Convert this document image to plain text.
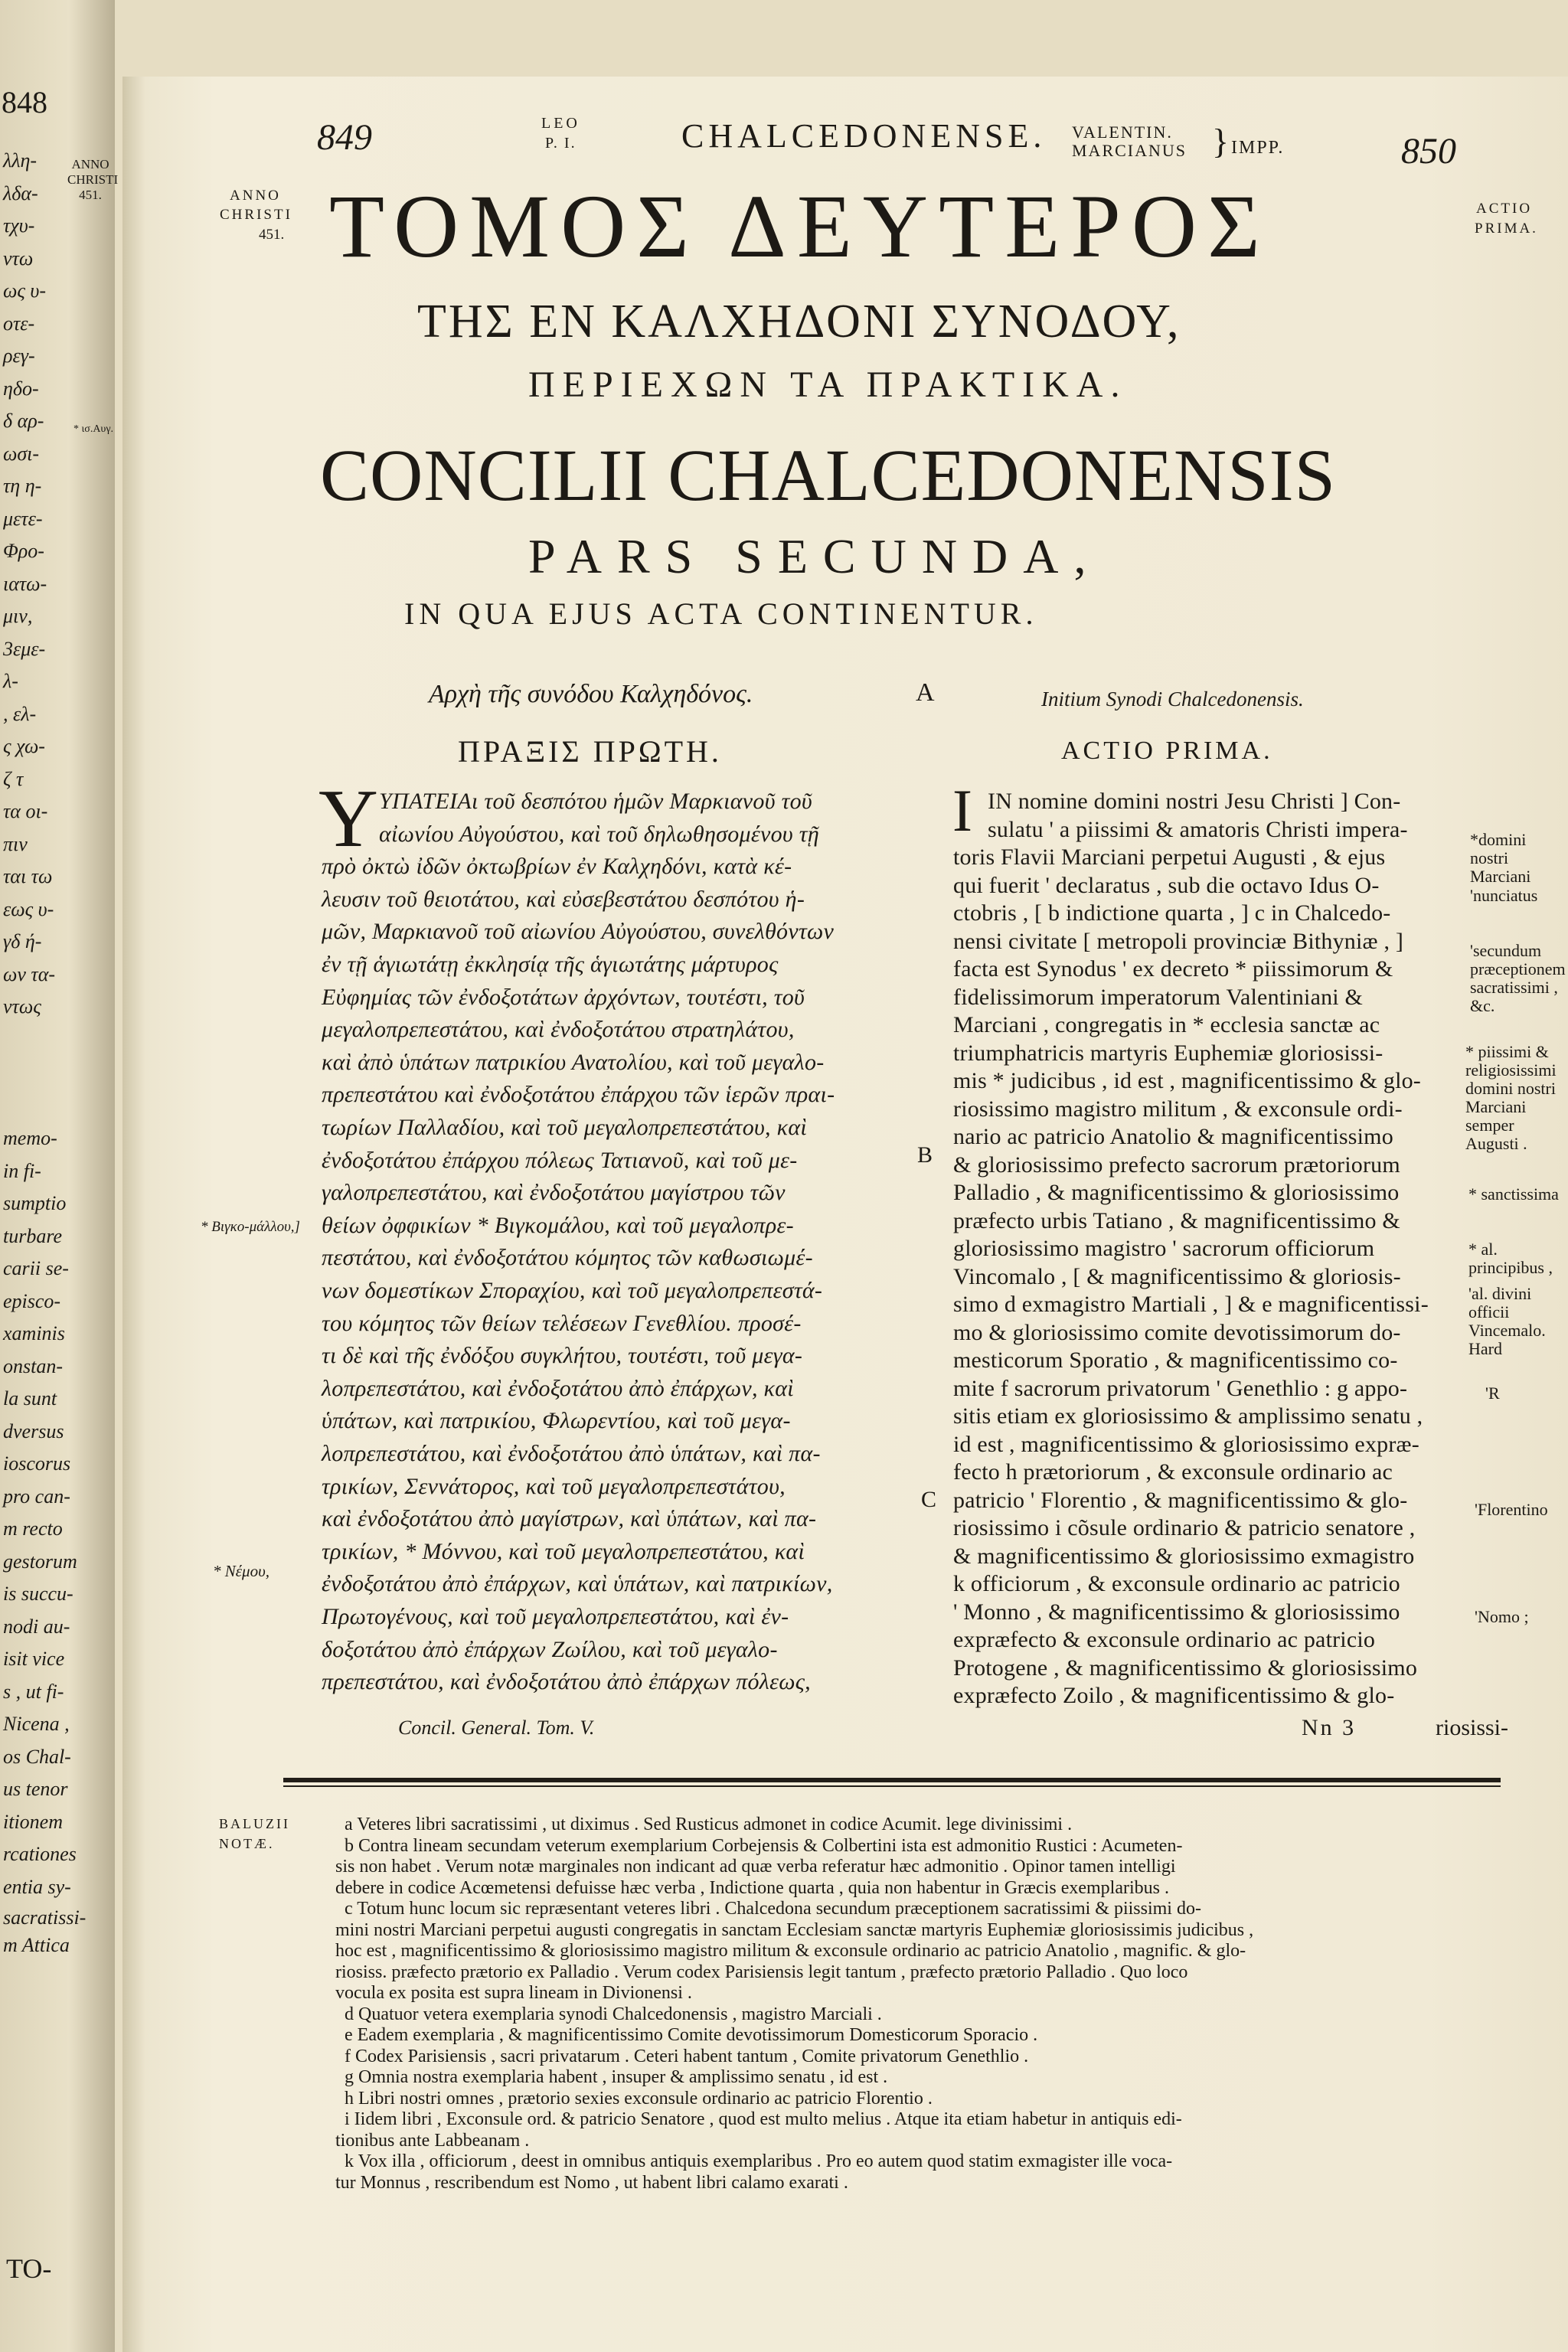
848
ANNO CHRISTI 451.
λλη-
λδα-
τχυ-
ντω
ως υ-
οτε-
ρεγ-
ηδο-
δ αρ-
ωσι-
τη η-
μετε-
Φρο-
ιατω-
μιν,
3εμε-
λ-
, ελ-
ς χω-
ζ τ
τα οι-
πιν
ται τω
εως υ-
γδ ή-
ων τα-
ντως
* ισ.Αυγ.
memo-
in fi-
sumptio
turbare
carii se-
episco-
xaminis
onstan-
la sunt
dversus
ioscorus
pro can-
m recto
gestorum
is succu-
nodi au-
isit vice
s , ut fi-
Nicena ,
os Chal-
us tenor
itionem
rcationes
entia sy-
sacratissi-
m Attica
TO-
849	LEO
P. I.	CHALCEDONENSE. VALENTIN.
MARCIANUS } IMPP.	850
ANNO
CHRISTI
451.
ACTIO
PRIMA.
ΤΟΜΟΣ ΔΕΥΤΕΡΟΣ
ΤΗΣ ΕΝ ΚΑΛΧΗΔΟΝΙ ΣΥΝΟΔΟΥ,
ΠΕΡΙΕΧΩΝ ΤΑ ΠΡΑΚΤΙΚΑ.
CONCILII CHALCEDONENSIS
PARS SECUNDA,
IN QUA EJUS ACTA CONTINENTUR.
Αρχὴ τῆς συνόδου Καλχηδόνος.	A	Initium Synodi Chalcedonensis.
ΠΡΑΞΙΣ ΠΡΩΤΗ.	ACTIO PRIMA.
Υ ΥΠΑΤΕΙΑι τοῦ δεσπότου ἡμῶν Μαρκιανοῦ τοῦ
αἰωνίου Αὐγούστου, καὶ τοῦ δηλωθησομένου τῇ
πρὸ ὀκτὼ ἰδῶν ὀκτωβρίων ἐν Καλχηδόνι, κατὰ κέ-
λευσιν τοῦ θειοτάτου, καὶ εὐσεβεστάτου δεσπότου ἡ-
μῶν, Μαρκιανοῦ τοῦ αἰωνίου Αὐγούστου, συνελθόντων
ἐν τῇ ἁγιωτάτῃ ἐκκλησίᾳ τῆς ἁγιωτάτης μάρτυρος
Εὐφημίας τῶν ἐνδοξοτάτων ἀρχόντων, τουτέστι, τοῦ
μεγαλοπρεπεστάτου, καὶ ἐνδοξοτάτου στρατηλάτου,
καὶ ἀπὸ ὑπάτων πατρικίου Ανατολίου, καὶ τοῦ μεγαλο-
πρεπεστάτου καὶ ἐνδοξοτάτου ἐπάρχου τῶν ἱερῶν πραι-
τωρίων Παλλαδίου, καὶ τοῦ μεγαλοπρεπεστάτου, καὶ
ἐνδοξοτάτου ἐπάρχου πόλεως Τατιανοῦ, καὶ τοῦ με-
γαλοπρεπεστάτου, καὶ ἐνδοξοτάτου μαγίστρου τῶν
θείων ὀφφικίων * Βιγκομάλου, καὶ τοῦ μεγαλοπρε-
πεστάτου, καὶ ἐνδοξοτάτου κόμητος τῶν καθωσιωμέ-
νων δομεστίκων Σποραχίου, καὶ τοῦ μεγαλοπρεπεστά-
του κόμητος τῶν θείων τελέσεων Γενεθλίου. προσέ-
τι δὲ καὶ τῆς ἐνδόξου συγκλήτου, τουτέστι, τοῦ μεγα-
λοπρεπεστάτου, καὶ ἐνδοξοτάτου ἀπὸ ἐπάρχων, καὶ
ὑπάτων, καὶ πατρικίου, Φλωρεντίου, καὶ τοῦ μεγα-
λοπρεπεστάτου, καὶ ἐνδοξοτάτου ἀπὸ ὑπάτων, καὶ πα-
τρικίων, Σεννάτορος, καὶ τοῦ μεγαλοπρεπεστάτου,
καὶ ἐνδοξοτάτου ἀπὸ μαγίστρων, καὶ ὑπάτων, καὶ πα-
τρικίων, * Μόννου, καὶ τοῦ μεγαλοπρεπεστάτου, καὶ
ἐνδοξοτάτου ἀπὸ ἐπάρχων, καὶ ὑπάτων, καὶ πατρικίων,
Πρωτογένους, καὶ τοῦ μεγαλοπρεπεστάτου, καὶ ἐν-
δοξοτάτου ἀπὸ ἐπάρχων Ζωίλου, καὶ τοῦ μεγαλο-
πρεπεστάτου, καὶ ἐνδοξοτάτου ἀπὸ ἐπάρχων πόλεως,
Concil. General. Tom. V.
* Βιγκο-μάλλου,]
* Νέμου,
B
C
I IN nomine domini nostri Jesu Christi ] Con-
sulatu ' a piissimi & amatoris Christi impera-
toris Flavii Marciani perpetui Augusti , & ejus
qui fuerit ' declaratus , sub die octavo Idus O-
ctobris , [ b indictione quarta , ] c in Chalcedo-
nensi civitate [ metropoli provinciæ Bithyniæ , ]
facta est Synodus ' ex decreto * piissimorum &
fidelissimorum imperatorum Valentiniani &
Marciani , congregatis in * ecclesia sanctæ ac
triumphatricis martyris Euphemiæ gloriosissi-
mis * judicibus , id est , magnificentissimo & glo-
riosissimo magistro militum , & exconsule ordi-
nario ac patricio Anatolio & magnificentissimo
& gloriosissimo prefecto sacrorum prætoriorum
Palladio , & magnificentissimo & gloriosissimo
præfecto urbis Tatiano , & magnificentissimo &
gloriosissimo magistro ' sacrorum officiorum
Vincomalo , [ & magnificentissimo & gloriosis-
simo d exmagistro Martiali , ] & e magnificentissi-
mo & gloriosissimo comite devotissimorum do-
mesticorum Sporatio , & magnificentissimo co-
mite f sacrorum privatorum ' Genethlio : g appo-
sitis etiam ex gloriosissimo & amplissimo senatu ,
id est , magnificentissimo & gloriosissimo expræ-
fecto h prætoriorum , & exconsule ordinario ac
patricio ' Florentio , & magnificentissimo & glo-
riosissimo i cõsule ordinario & patricio senatore ,
& magnificentissimo & gloriosissimo exmagistro
k officiorum , & exconsule ordinario ac patricio
' Monno , & magnificentissimo & gloriosissimo
expræfecto & exconsule ordinario ac patricio
Protogene , & magnificentissimo & gloriosissimo
expræfecto Zoilo , & magnificentissimo & glo-
Nn 3	riosissi-
*domini nostri Marciani
'nunciatus
'secundum præceptionem sacratissimi , &c.
* piissimi & religiosissimi domini nostri Marciani semper Augusti .
* sanctissima
* al. principibus ,
'al. divini officii Vincemalo. Hard
'R
'Florentino
'Nomo ;
BALUZII
NOTÆ.
a Veteres libri sacratissimi , ut diximus . Sed Rusticus admonet in codice Acumit. lege divinissimi .
b Contra lineam secundam veterum exemplarium Corbejensis & Colbertini ista est admonitio Rustici : Acumeten-
sis non habet . Verum notæ marginales non indicant ad quæ verba referatur hæc admonitio . Opinor tamen intelligi
debere in codice Acœmetensi defuisse hæc verba , Indictione quarta , quia non habentur in Græcis exemplaribus .
c Totum hunc locum sic repræsentant veteres libri . Chalcedona secundum præceptionem sacratissimi & piissimi do-
mini nostri Marciani perpetui augusti congregatis in sanctam Ecclesiam sanctæ martyris Euphemiæ gloriosissimis judicibus ,
hoc est , magnificentissimo & gloriosissimo magistro militum & exconsule ordinario ac patricio Anatolio , magnific. & glo-
riosiss. præfecto prætorio ex Palladio . Verum codex Parisiensis legit tantum , præfecto prætorio Palladio . Quo loco
vocula ex posita est supra lineam in Divionensi .
d Quatuor vetera exemplaria synodi Chalcedonensis , magistro Marciali .
e Eadem exemplaria , & magnificentissimo Comite devotissimorum Domesticorum Sporacio .
f Codex Parisiensis , sacri privatarum . Ceteri habent tantum , Comite privatorum Genethlio .
g Omnia nostra exemplaria habent , insuper & amplissimo senatu , id est .
h Libri nostri omnes , prætorio sexies exconsule ordinario ac patricio Florentio .
i Iidem libri , Exconsule ord. & patricio Senatore , quod est multo melius . Atque ita etiam habetur in antiquis edi-
tionibus ante Labbeanam .
k Vox illa , officiorum , deest in omnibus antiquis exemplaribus . Pro eo autem quod statim exmagister ille voca-
tur Monnus , rescribendum est Nomo , ut habent libri calamo exarati .
